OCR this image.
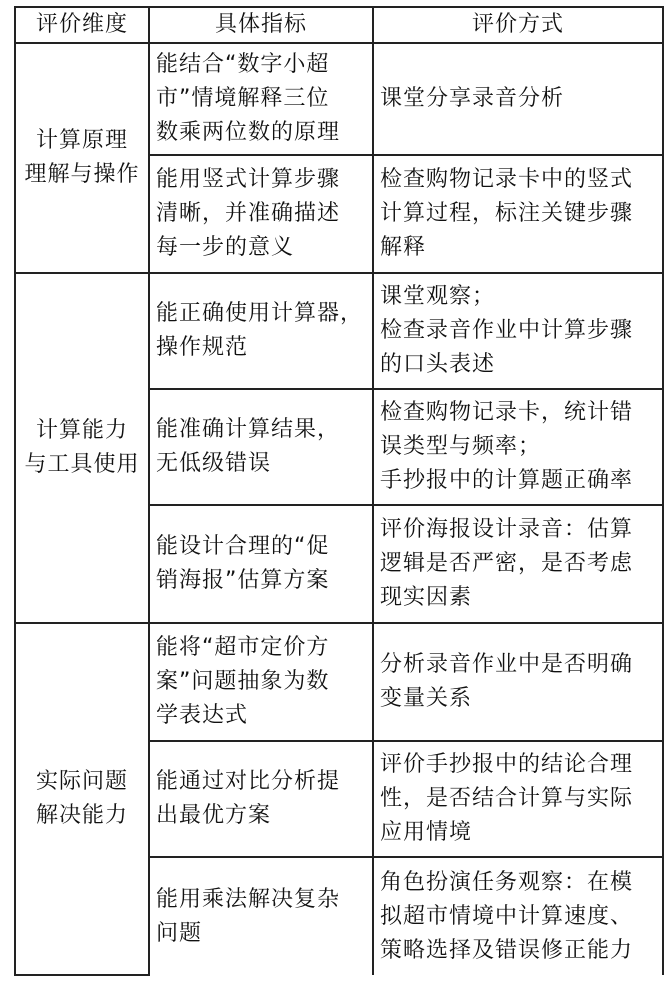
评价维度	具体指标	评价方式

计算原理
理解与操作	能结合“数字小超
市”情境解释三位
数乘两位数的原理	课堂分享录音分析

	能用竖式计算步骤
清晰，并准确描述
每一步的意义	检查购物记录卡中的竖式
计算过程，标注关键步骤
解释

计算能力
与工具使用	能正确使用计算器，
操作规范	课堂观察；
检查录音作业中计算步骤
的口头表述

	能准确计算结果，
无低级错误	检查购物记录卡，统计错
误类型与频率；
手抄报中的计算题正确率

	能设计合理的“促
销海报”估算方案	评价海报设计录音：估算
逻辑是否严密，是否考虑
现实因素

实际问题
解决能力	能将“超市定价方
案”问题抽象为数
学表达式	分析录音作业中是否明确
变量关系

	能通过对比分析提
出最优方案	评价手抄报中的结论合理
性，是否结合计算与实际
应用情境

	能用乘法解决复杂
问题	角色扮演任务观察：在模
拟超市情境中计算速度、
策略选择及错误修正能力
